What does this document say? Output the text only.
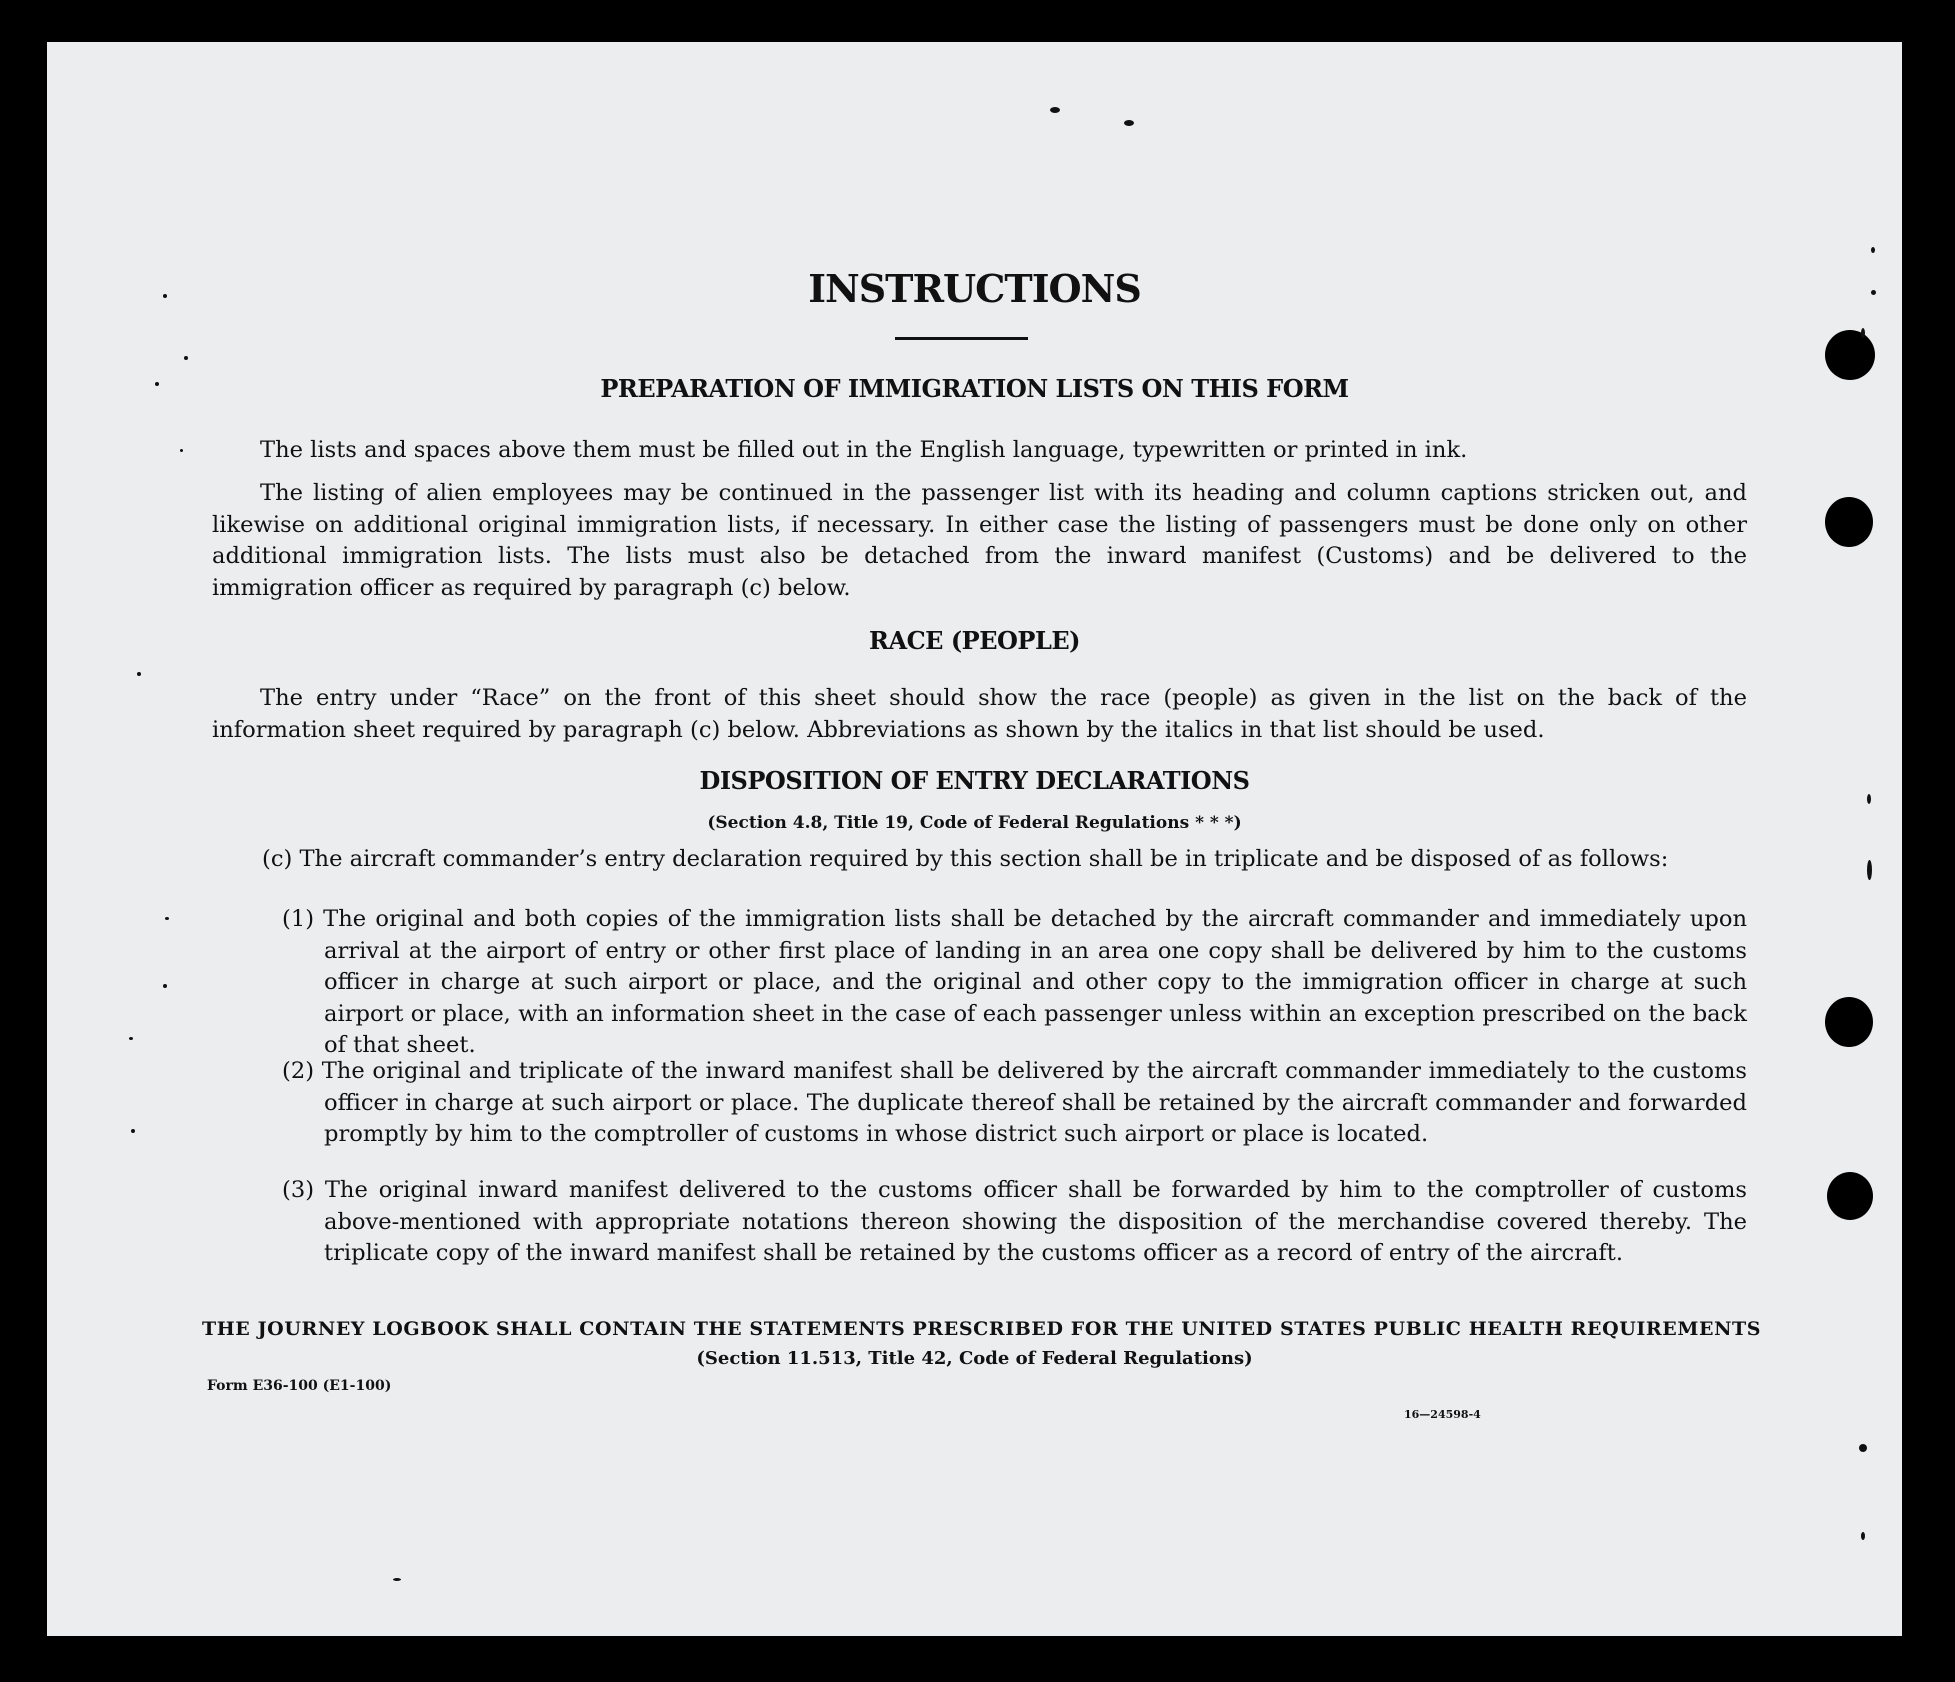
INSTRUCTIONS
PREPARATION OF IMMIGRATION LISTS ON THIS FORM
The lists and spaces above them must be filled out in the English language, typewritten or printed in ink.
The listing of alien employees may be continued in the passenger list with its heading and column captions stricken out, and likewise on additional original immigration lists, if necessary. In either case the listing of passengers must be done only on other additional immigration lists. The lists must also be detached from the inward manifest (Customs) and be delivered to the immigration officer as required by paragraph (c) below.
RACE (PEOPLE)
The entry under “Race” on the front of this sheet should show the race (people) as given in the list on the back of the information sheet required by paragraph (c) below. Abbreviations as shown by the italics in that list should be used.
DISPOSITION OF ENTRY DECLARATIONS
(Section 4.8, Title 19, Code of Federal Regulations * * *)
(c) The aircraft commander’s entry declaration required by this section shall be in triplicate and be disposed of as follows:
(1) The original and both copies of the immigration lists shall be detached by the aircraft commander and immediately upon arrival at the airport of entry or other first place of landing in an area one copy shall be delivered by him to the customs officer in charge at such airport or place, and the original and other copy to the immigration officer in charge at such airport or place, with an information sheet in the case of each passenger unless within an exception prescribed on the back of that sheet.
(2) The original and triplicate of the inward manifest shall be delivered by the aircraft commander immediately to the customs officer in charge at such airport or place. The duplicate thereof shall be retained by the aircraft commander and forwarded promptly by him to the comptroller of customs in whose district such airport or place is located.
(3) The original inward manifest delivered to the customs officer shall be forwarded by him to the comptroller of customs above-mentioned with appropriate notations thereon showing the disposition of the merchandise covered thereby. The triplicate copy of the inward manifest shall be retained by the customs officer as a record of entry of the aircraft.
THE JOURNEY LOGBOOK SHALL CONTAIN THE STATEMENTS PRESCRIBED FOR THE UNITED STATES PUBLIC HEALTH REQUIREMENTS
(Section 11.513, Title 42, Code of Federal Regulations)
Form E36-100 (E1-100)
16—24598-4
